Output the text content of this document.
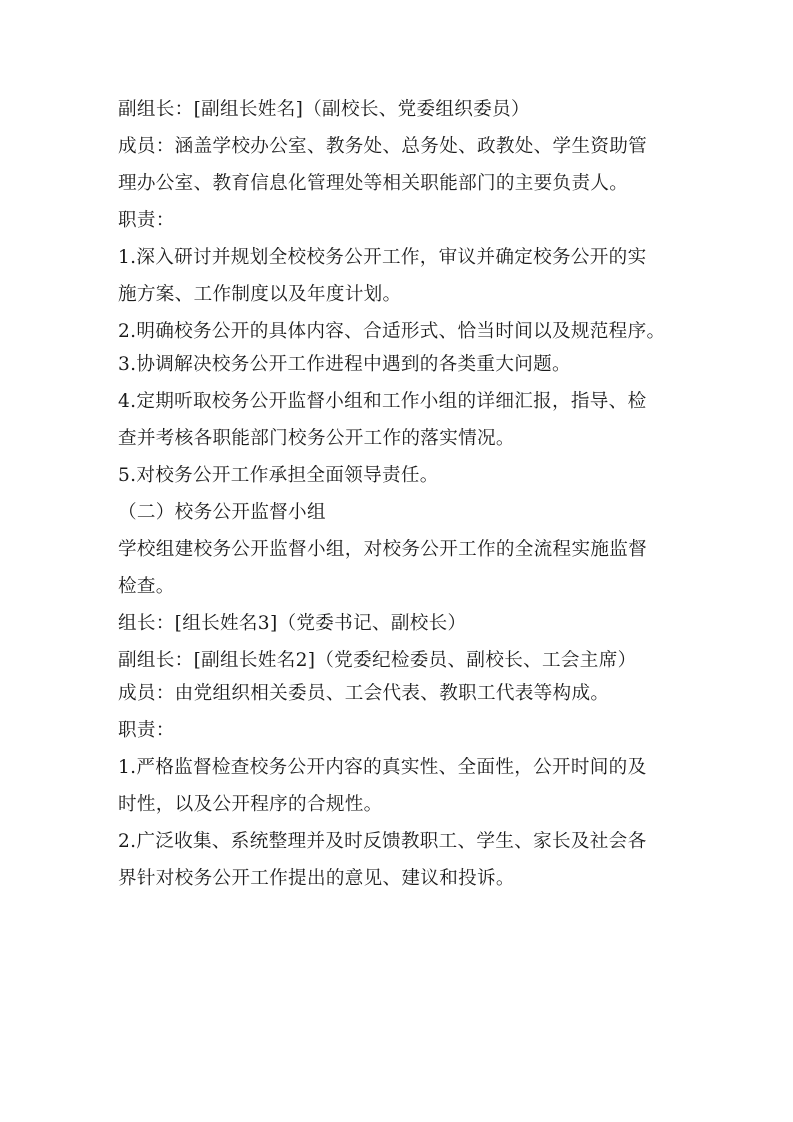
副组长：[副组长姓名]（副校长、党委组织委员）

成员：涵盖学校办公室、教务处、总务处、政教处、学生资助管

理办公室、教育信息化管理处等相关职能部门的主要负责人。

职责：

1.深入研讨并规划全校校务公开工作，审议并确定校务公开的实

施方案、工作制度以及年度计划。

2.明确校务公开的具体内容、合适形式、恰当时间以及规范程序。

3.协调解决校务公开工作进程中遇到的各类重大问题。

4.定期听取校务公开监督小组和工作小组的详细汇报，指导、检

查并考核各职能部门校务公开工作的落实情况。

5.对校务公开工作承担全面领导责任。

（二）校务公开监督小组

学校组建校务公开监督小组，对校务公开工作的全流程实施监督

检查。

组长：[组长姓名3]（党委书记、副校长）

副组长：[副组长姓名2]（党委纪检委员、副校长、工会主席）

成员：由党组织相关委员、工会代表、教职工代表等构成。

职责：

1.严格监督检查校务公开内容的真实性、全面性，公开时间的及

时性，以及公开程序的合规性。

2.广泛收集、系统整理并及时反馈教职工、学生、家长及社会各

界针对校务公开工作提出的意见、建议和投诉。
